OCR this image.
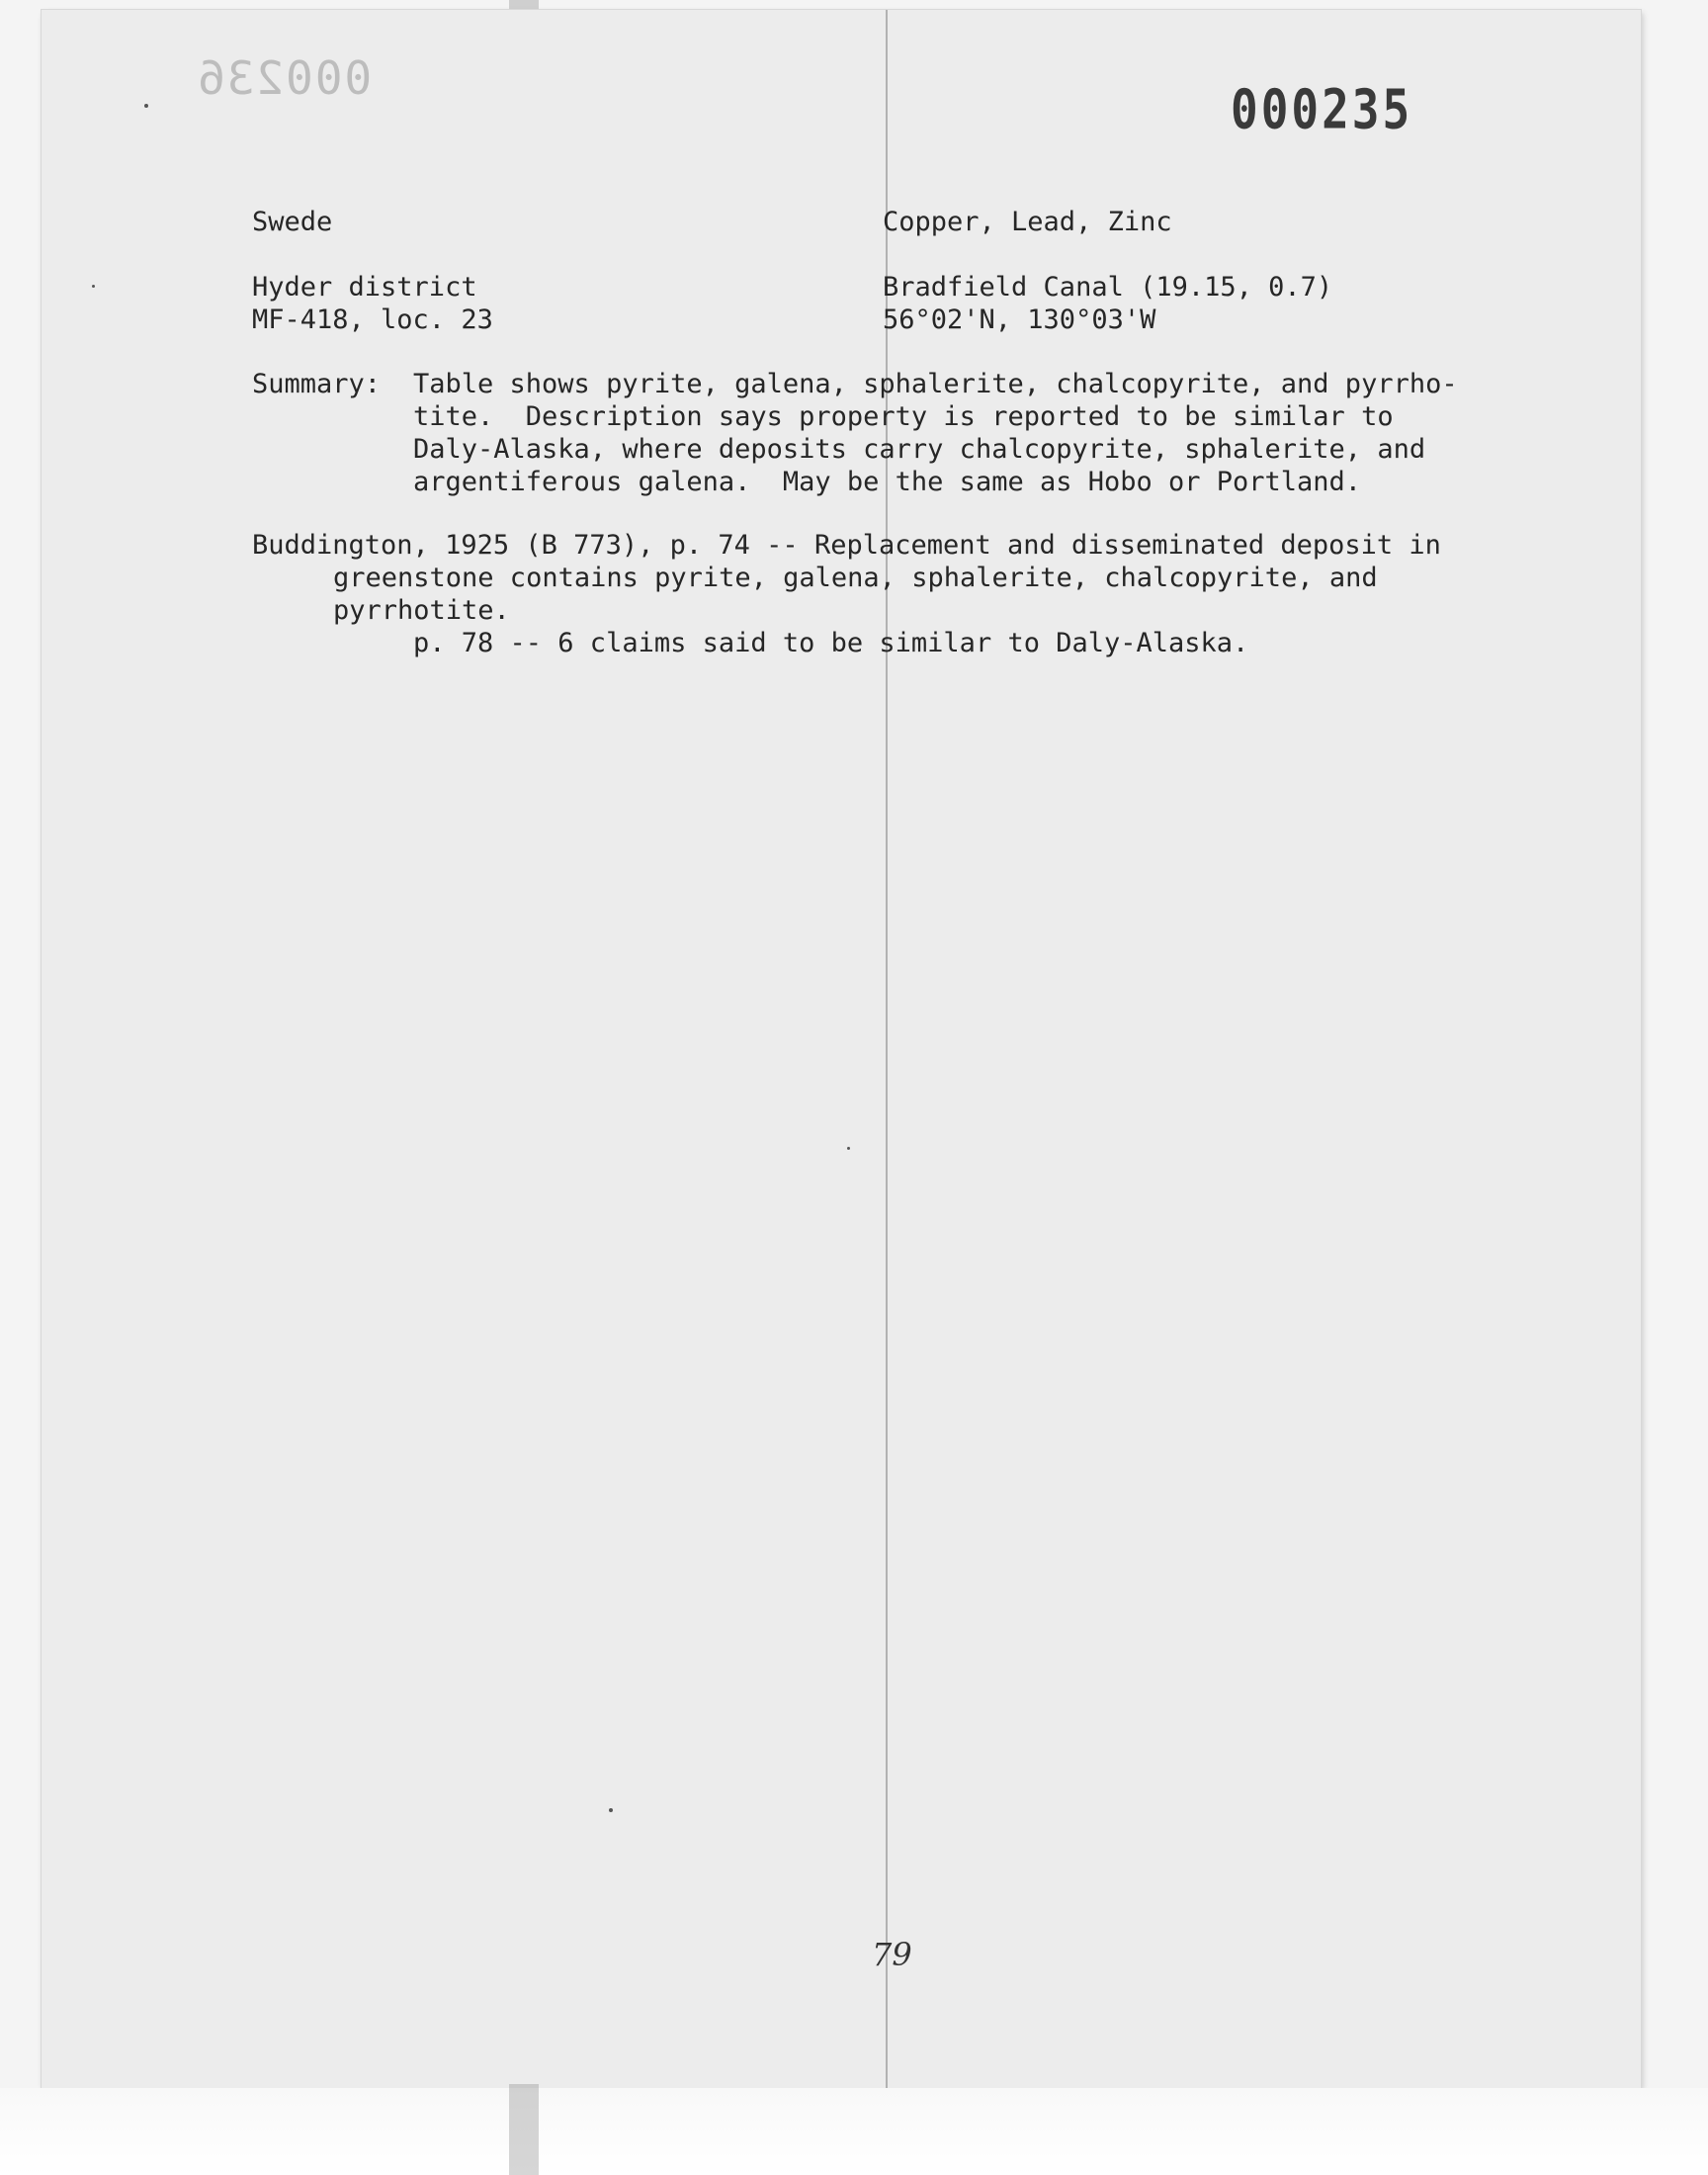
000236	000235
Swede	Copper, Lead, Zinc
Hyder district
MF-418, loc. 23
Bradfield Canal (19.15, 0.7)
56°02'N, 130°03'W
Summary: Table shows pyrite, galena, sphalerite, chalcopyrite, and pyrrho-
tite.  Description says property is reported to be similar to
Daly-Alaska, where deposits carry chalcopyrite, sphalerite, and
argentiferous galena.  May be the same as Hobo or Portland.
Buddington, 1925 (B 773), p. 74 -- Replacement and disseminated deposit in
greenstone contains pyrite, galena, sphalerite, chalcopyrite, and
pyrrhotite.
p. 78 -- 6 claims said to be similar to Daly-Alaska.
79
